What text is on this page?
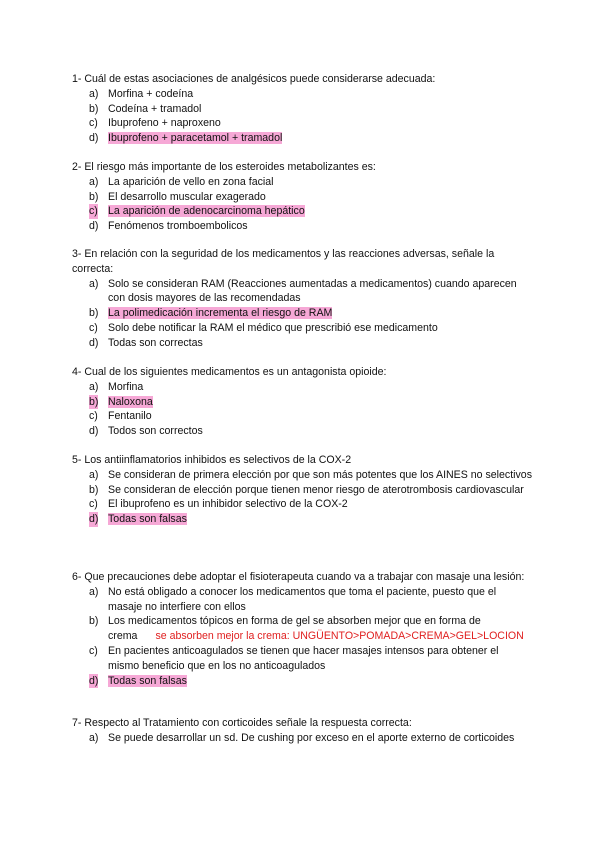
1- Cuál de estas asociaciones de analgésicos puede considerarse adecuada:

a) Morfina + codeína
b) Codeína + tramadol
c) Ibuprofeno + naproxeno
d) Ibuprofeno + paracetamol + tramadol

2- El riesgo más importante de los esteroides metabolizantes es:

a) La aparición de vello en zona facial
b) El desarrollo muscular exagerado
c) La aparición de adenocarcinoma hepático
d) Fenómenos tromboembolicos

3- En relación con la seguridad de los medicamentos y las reacciones adversas, señale la correcta:

a) Solo se consideran RAM (Reacciones aumentadas a medicamentos) cuando aparecen con dosis mayores de las recomendadas
b) La polimedicación incrementa el riesgo de RAM
c) Solo debe notificar la RAM el médico que prescribió ese medicamento
d) Todas son correctas

4- Cual de los siguientes medicamentos es un antagonista opioide:

a) Morfina
b) Naloxona
c) Fentanilo
d) Todos son correctos

5- Los antiinflamatorios inhibidos es selectivos de la COX-2

a) Se consideran de primera elección por que son más potentes que los AINES no selectivos
b) Se consideran de elección porque tienen menor riesgo de aterotrombosis cardiovascular
c) El ibuprofeno es un inhibidor selectivo de la COX-2
d) Todas son falsas

6- Que precauciones debe adoptar el fisioterapeuta cuando va a trabajar con masaje una lesión:

a) No está obligado a conocer los medicamentos que toma el paciente, puesto que el masaje no interfiere con ellos
b) Los medicamentos tópicos en forma de gel se absorben mejor que en forma de crema se absorben mejor la crema: UNGÜENTO>POMADA>CREMA>GEL>LOCION
c) En pacientes anticoagulados se tienen que hacer masajes intensos para obtener el mismo beneficio que en los no anticoagulados
d) Todas son falsas

7- Respecto al Tratamiento con corticoides señale la respuesta correcta:

a) Se puede desarrollar un sd. De cushing por exceso en el aporte externo de corticoides
